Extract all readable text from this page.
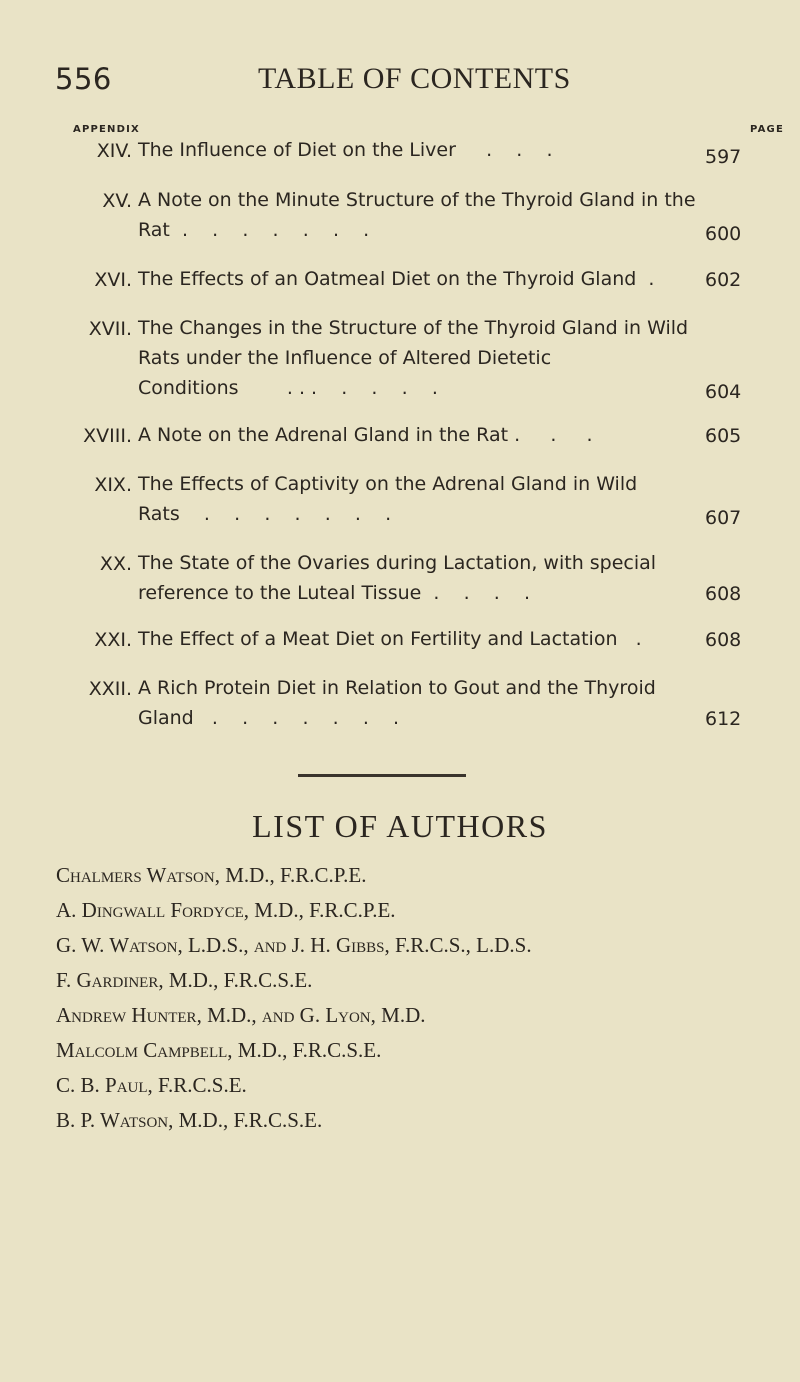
556	TABLE OF CONTENTS
APPENDIX	PAGE
XIV. The Influence of Diet on the Liver     .    .    .	597
XV. A Note on the Minute Structure of the Thyroid Gland in the Rat  .    .    .    .    .    .    .	600
XVI. The Effects of an Oatmeal Diet on the Thyroid Gland  .	602
XVII. The Changes in the Structure of the Thyroid Gland in Wild Rats under the Influence of Altered Dietetic Conditions        . . .    .    .    .    .	604
XVIII. A Note on the Adrenal Gland in the Rat .     .     .	605
XIX. The Effects of Captivity on the Adrenal Gland in Wild Rats    .    .    .    .    .    .    .	607
XX. The State of the Ovaries during Lactation, with special reference to the Luteal Tissue  .    .    .    .	608
XXI. The Effect of a Meat Diet on Fertility and Lactation   .	608
XXII. A Rich Protein Diet in Relation to Gout and the Thyroid Gland   .    .    .    .    .    .    .	612
LIST OF AUTHORS
Chalmers Watson, M.D., F.R.C.P.E.
A. Dingwall Fordyce, M.D., F.R.C.P.E.
G. W. Watson, L.D.S., and J. H. Gibbs, F.R.C.S., L.D.S.
F. Gardiner, M.D., F.R.C.S.E.
Andrew Hunter, M.D., and G. Lyon, M.D.
Malcolm Campbell, M.D., F.R.C.S.E.
C. B. Paul, F.R.C.S.E.
B. P. Watson, M.D., F.R.C.S.E.
